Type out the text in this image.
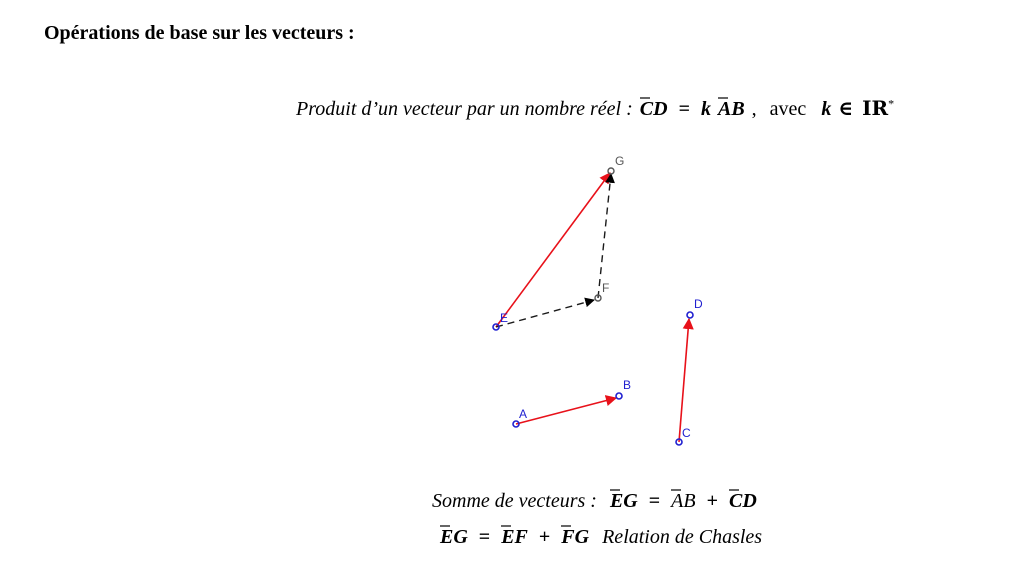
Opérations de base sur les vecteurs :
Produit d’un vecteur par un nombre réel : CD = k AB , avec k ∈ IR*
A
B
C
D
E
F
G
Somme de vecteurs : EG = AB + CD
EG = EF + FG Relation de Chasles
